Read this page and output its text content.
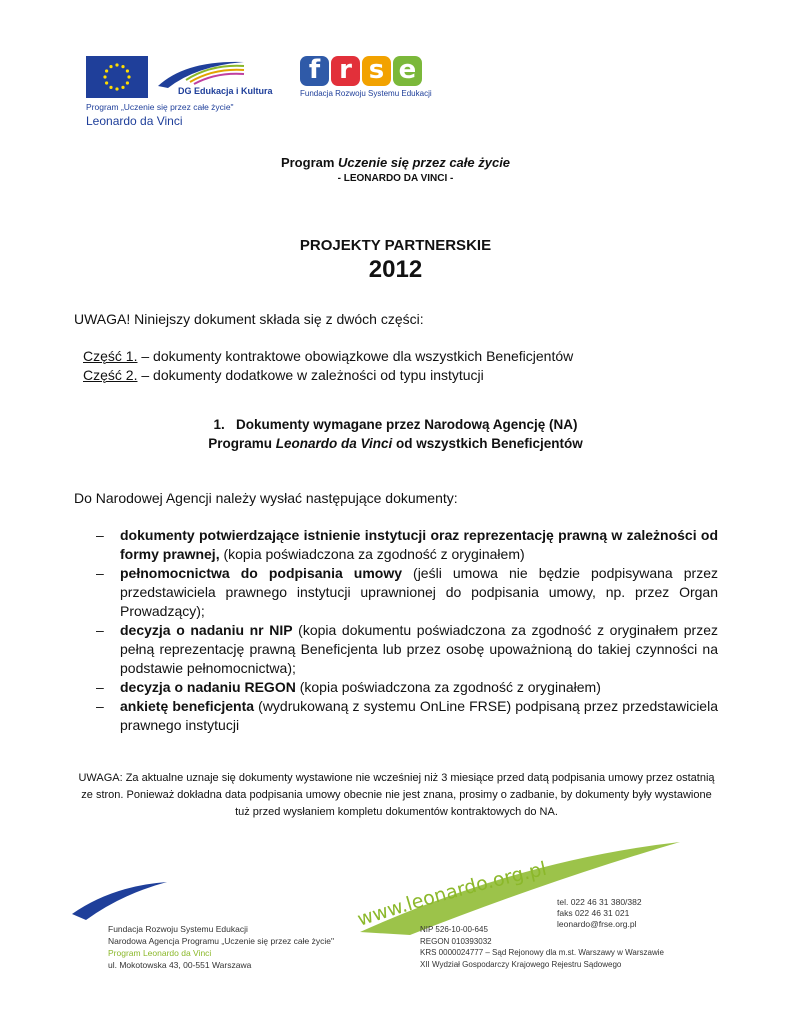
DG Edukacja i Kultura
Program „Uczenie się przez całe życie"
Leonardo da Vinci
f r s e
Fundacja Rozwoju Systemu Edukacji
Program Uczenie się przez całe życie
- LEONARDO DA VINCI -
PROJEKTY PARTNERSKIE
2012
UWAGA! Niniejszy dokument składa się z dwóch części:
Część 1. – dokumenty kontraktowe obowiązkowe dla wszystkich Beneficjentów
Część 2. – dokumenty dodatkowe w zależności od typu instytucji
1.   Dokumenty wymagane przez Narodową Agencję (NA)
Programu Leonardo da Vinci od wszystkich Beneficjentów
Do Narodowej Agencji należy wysłać następujące dokumenty:
– dokumenty potwierdzające istnienie instytucji oraz reprezentację prawną w zależności od formy prawnej, (kopia poświadczona za zgodność z oryginałem)
– pełnomocnictwa do podpisania umowy (jeśli umowa nie będzie podpisywana przez przedstawiciela prawnego instytucji uprawnionej do podpisania umowy, np. przez Organ Prowadzący);
– decyzja o nadaniu nr NIP (kopia dokumentu poświadczona za zgodność z oryginałem przez pełną reprezentację prawną Beneficjenta lub przez osobę upoważnioną do takiej czynności na podstawie pełnomocnictwa);
– decyzja o nadaniu REGON (kopia poświadczona za zgodność z oryginałem)
– ankietę beneficjenta (wydrukowaną z systemu OnLine FRSE) podpisaną przez przedstawiciela prawnego instytucji
UWAGA: Za aktualne uznaje się dokumenty wystawione nie wcześniej niż 3 miesiące przed datą podpisania umowy przez ostatnią ze stron. Ponieważ dokładna data podpisania umowy obecnie nie jest znana, prosimy o zadbanie, by dokumenty były wystawione tuż przed wysłaniem kompletu dokumentów kontraktowych do NA.
www.leonardo.org.pl
Fundacja Rozwoju Systemu Edukacji
Narodowa Agencja Programu „Uczenie się przez całe życie"
Program Leonardo da Vinci
ul. Mokotowska 43, 00-551 Warszawa
NIP 526-10-00-645
REGON 010393032
KRS 0000024777 – Sąd Rejonowy dla m.st. Warszawy w Warszawie
XII Wydział Gospodarczy Krajowego Rejestru Sądowego
tel. 022 46 31 380/382
faks 022 46 31 021
leonardo@frse.org.pl
